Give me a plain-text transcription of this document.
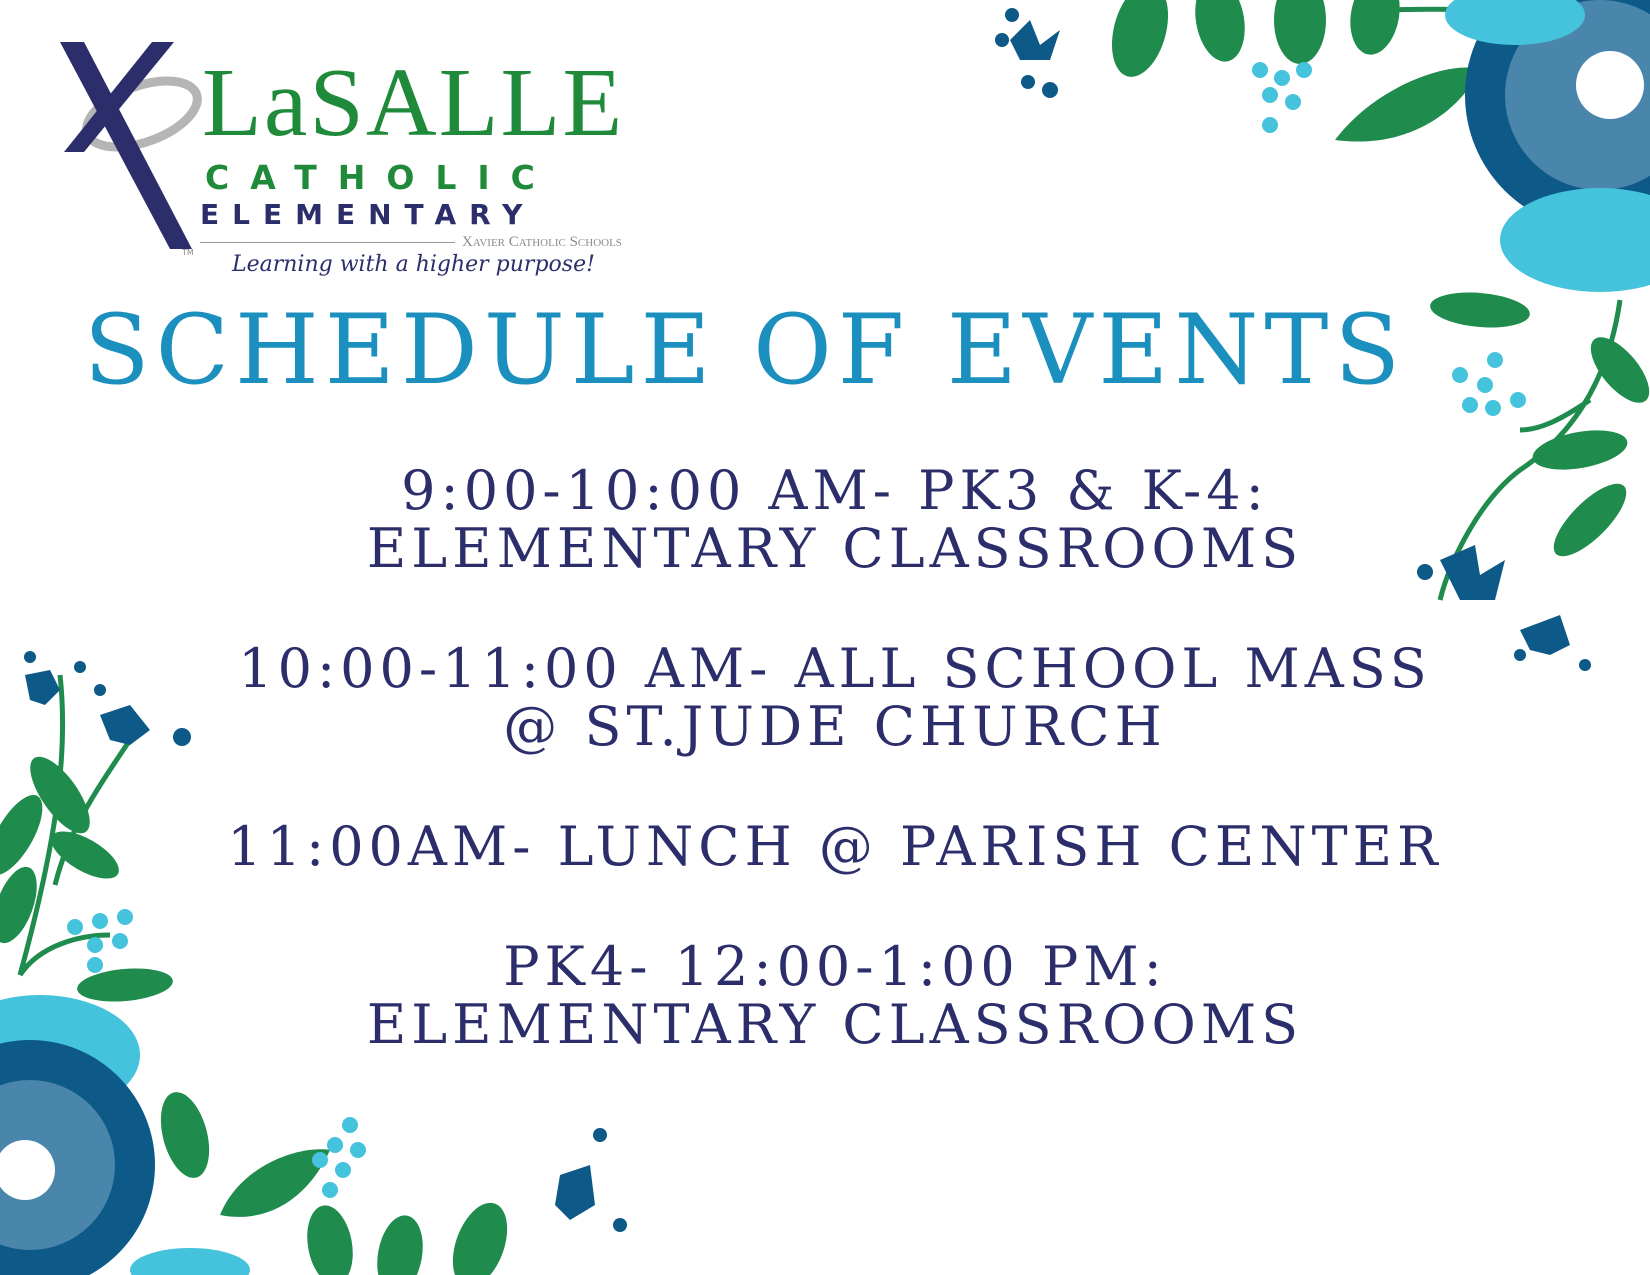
LaSALLE
CATHOLIC
ELEMENTARY
Xavier Catholic Schools
TM Learning with a higher purpose!
SCHEDULE OF EVENTS
9:00-10:00 AM- PK3 & K-4:
ELEMENTARY CLASSROOMS
10:00-11:00 AM- ALL SCHOOL MASS
@ ST.JUDE CHURCH
11:00AM- LUNCH @ PARISH CENTER
PK4- 12:00-1:00 PM:
ELEMENTARY CLASSROOMS
